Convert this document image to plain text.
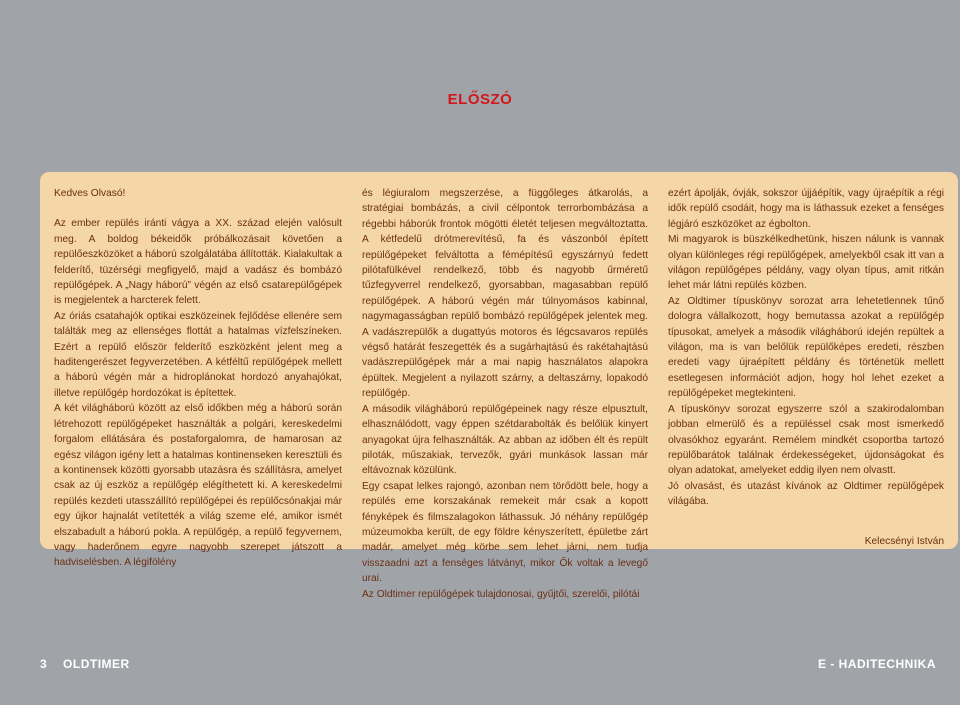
ELŐSZÓ

Kedves Olvasó!

Az ember repülés iránti vágya a XX. század elején valósult meg. A boldog békeidők próbálkozásait követően a repülőeszközöket a háború szolgálatába állították. Kialakultak a felderítő, tüzérségi megfigyelő, majd a vadász és bombázó repülőgépek. A „Nagy háború” végén az első csatarepülőgépek is megjelentek a harcterek felett.

Az óriás csatahajók optikai eszközeinek fejlődése ellenére sem találták meg az ellenséges flottát a hatalmas vízfelszíneken. Ezért a repülő először felderítő eszközként jelent meg a haditengerészet fegyverzetében. A kétféltű repülőgépek mellett a háború végén már a hidroplánokat hordozó anyahajókat, illetve repülőgép hordozókat is építettek.

A két világháború között az első időkben még a háború során létrehozott repülőgépeket használták a polgári, kereskedelmi forgalom ellátására és postaforgalomra, de hamarosan az egész világon igény lett a hatalmas kontinenseken keresztüli és a kontinensek közötti gyorsabb utazásra és szállításra, amelyet csak az új eszköz a repülőgép elégíthetett ki. A kereskedelmi repülés kezdeti utasszállító repülőgépei és repülőcsónakjai már egy újkor hajnalát vetítették a világ szeme elé, amikor ismét elszabadult a háború pokla. A repülőgép, a repülő fegyvernem, vagy haderőnem egyre nagyobb szerepet játszott a hadviselésben. A légifölény

és légiuralom megszerzése, a függőleges átkarolás, a stratégiai bombázás, a civil célpontok terrorbombázása a régebbi háborúk frontok mögötti életét teljesen megváltoztatta. A kétfedelű drótmerevítésű, fa és vászonból épített repülőgépeket felváltotta a fémépítésű egyszárnyú fedett pilótafülkével rendelkező, több és nagyobb űrméretű tűzfegyverrel rendelkező, gyorsabban, magasabban repülő repülőgépek. A háború végén már túlnyomásos kabinnal, nagymagasságban repülő bombázó repülőgépek jelentek meg. A vadászrepülők a dugattyús motoros és légcsavaros repülés végső határát feszegették és a sugárhajtású és rakétahajtású vadászrepülőgépek már a mai napig használatos alapokra épültek. Megjelent a nyilazott szárny, a deltaszárny, lopakodó repülőgép.

A második világháború repülőgépeinek nagy része elpusztult, elhasználódott, vagy éppen szétdarabolták és belőlük kinyert anyagokat újra felhasználták. Az abban az időben élt és repült piloták, műszakiak, tervezők, gyári munkások lassan már eltávoznak közülünk.

Egy csapat lelkes rajongó, azonban nem törődött bele, hogy a repülés eme korszakának remekeit már csak a kopott fényképek és filmszalagokon láthassuk. Jó néhány repülőgép múzeumokba került, de egy földre kényszerített, épületbe zárt madár, amelyet még körbe sem lehet járni, nem tudja visszaadni azt a fenséges látványt, mikor Ők voltak a levegő urai.

Az Oldtimer repülőgépek tulajdonosai, gyűjtői, szerelői, pilótái

ezért ápolják, óvják, sokszor újjáépítik, vagy újraépítik a régi idők repülő csodáit, hogy ma is láthassuk ezeket a fenséges légjáró eszközöket az égbolton.

Mi magyarok is büszkélkedhetünk, hiszen nálunk is vannak olyan különleges régi repülőgépek, amelyekből csak itt van a világon repülőgépes példány, vagy olyan típus, amit ritkán lehet már látni repülés közben.

Az Oldtimer típuskönyv sorozat arra lehetetlennek tűnő dologra vállalkozott, hogy bemutassa azokat a repülőgép típusokat, amelyek a második világháború idején repültek a világon, ma is van belőlük repülőképes eredeti, részben eredeti vagy újraépített példány és történetük mellett esetlegesen információt adjon, hogy hol lehet ezeket a repülőgépeket megtekinteni.

A típuskönyv sorozat egyszerre szól a szakirodalomban jobban elmerülő és a repüléssel csak most ismerkedő olvasókhoz egyaránt. Remélem mindkét csoportba tartozó repülőbarátok találnak érdekességeket, újdonságokat és olyan adatokat, amelyeket eddig ilyen nem olvastt.

Jó olvasást, és utazást kívánok az Oldtimer repülőgépek világába.

Kelecsényi István

3 OLDTIMER	E - HADITECHNIKA
